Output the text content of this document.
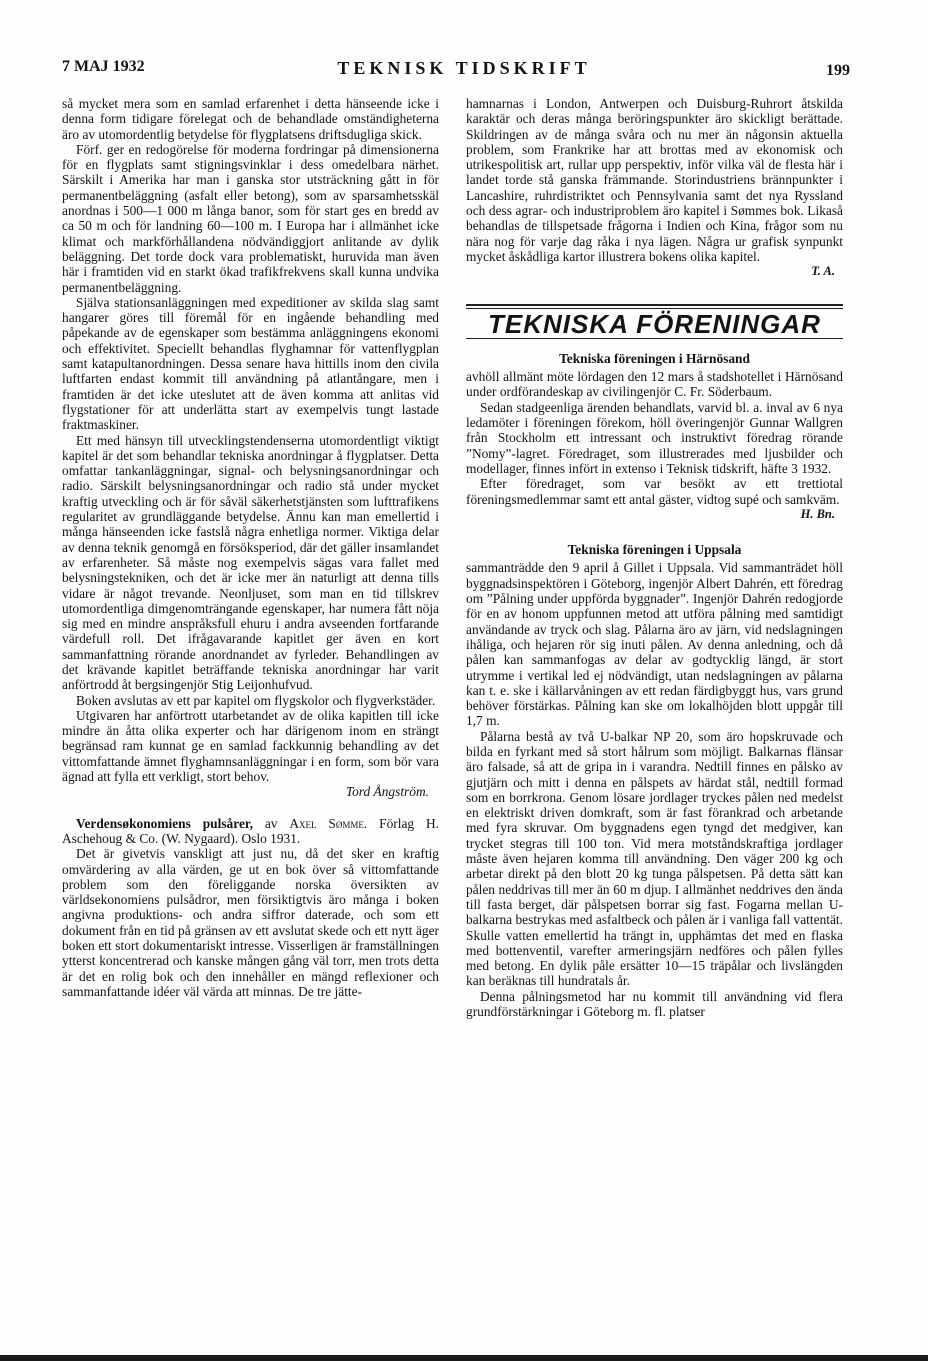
7 MAJ 1932	TEKNISK TIDSKRIFT	199

så mycket mera som en samlad erfarenhet i detta hänseende icke i denna form tidigare förelegat och de behandlade omständigheterna äro av utomordentlig betydelse för flygplatsens driftsdugliga skick.

Förf. ger en redogörelse för moderna fordringar på dimensionerna för en flygplats samt stigningsvinklar i dess omedelbara närhet. Särskilt i Amerika har man i ganska stor utsträckning gått in för permanentbeläggning (asfalt eller betong), som av sparsamhetsskäl anordnas i 500—1 000 m långa banor, som för start ges en bredd av ca 50 m och för landning 60—100 m. I Europa har i allmänhet icke klimat och markförhållandena nödvändiggjort anlitande av dylik beläggning. Det torde dock vara problematiskt, huruvida man även här i framtiden vid en starkt ökad trafikfrekvens skall kunna undvika permanentbeläggning.

Själva stationsanläggningen med expeditioner av skilda slag samt hangarer göres till föremål för en ingående behandling med påpekande av de egenskaper som bestämma anläggningens ekonomi och effektivitet. Speciellt behandlas flyghamnar för vattenflygplan samt katapultanordningen. Dessa senare hava hittills inom den civila luftfarten endast kommit till användning på atlantångare, men i framtiden är det icke uteslutet att de även komma att anlitas vid flygstationer för att underlätta start av exempelvis tungt lastade fraktmaskiner.

Ett med hänsyn till utvecklingstendenserna utomordentligt viktigt kapitel är det som behandlar tekniska anordningar å flygplatser. Detta omfattar tankanläggningar, signal- och belysningsanordningar och radio. Särskilt belysningsanordningar och radio stå under mycket kraftig utveckling och är för såväl säkerhetstjänsten som lufttrafikens regularitet av grundläggande betydelse. Ännu kan man emellertid i många hänseenden icke fastslå några enhetliga normer. Viktiga delar av denna teknik genomgå en försöksperiod, där det gäller insamlandet av erfarenheter. Så måste nog exempelvis sägas vara fallet med belysningstekniken, och det är icke mer än naturligt att denna tills vidare är något trevande. Neonljuset, som man en tid tillskrev utomordentliga dimgenomträngande egenskaper, har numera fått nöja sig med en mindre anspråksfull ehuru i andra avseenden fortfarande värdefull roll. Det ifrågavarande kapitlet ger även en kort sammanfattning rörande anordnandet av fyrleder. Behandlingen av det krävande kapitlet beträffande tekniska anordningar har varit anförtrodd åt bergsingenjör Stig Leijonhufvud.

Boken avslutas av ett par kapitel om flygskolor och flygverkstäder.

Utgivaren har anförtrott utarbetandet av de olika kapitlen till icke mindre än åtta olika experter och har därigenom inom en strängt begränsad ram kunnat ge en samlad fackkunnig behandling av det vittomfattande ämnet flyghamnsanläggningar i en form, som bör vara ägnad att fylla ett verkligt, stort behov.

Tord Ångström.

Verdensøkonomiens pulsårer, av Axel Sømme. Förlag H. Aschehoug & Co. (W. Nygaard). Oslo 1931.

Det är givetvis vanskligt att just nu, då det sker en kraftig omvärdering av alla värden, ge ut en bok över så vittomfattande problem som den föreliggande norska översikten av världsekonomiens pulsådror, men försiktigtvis äro många i boken angivna produktions- och andra siffror daterade, och som ett dokument från en tid på gränsen av ett avslutat skede och ett nytt äger boken ett stort dokumentariskt intresse. Visserligen är framställningen ytterst koncentrerad och kanske mången gång väl torr, men trots detta är det en rolig bok och den innehåller en mängd reflexioner och sammanfattande idéer väl värda att minnas. De tre jätte-

hamnarnas i London, Antwerpen och Duisburg-Ruhrort åtskilda karaktär och deras många beröringspunkter äro skickligt berättade. Skildringen av de många svåra och nu mer än någonsin aktuella problem, som Frankrike har att brottas med av ekonomisk och utrikespolitisk art, rullar upp perspektiv, inför vilka väl de flesta här i landet torde stå ganska främmande. Storindustriens brännpunkter i Lancashire, ruhrdistriktet och Pennsylvania samt det nya Ryssland och dess agrar- och industriproblem äro kapitel i Sømmes bok. Likaså behandlas de tillspetsade frågorna i Indien och Kina, frågor som nu nära nog för varje dag råka i nya lägen. Några ur grafisk synpunkt mycket åskådliga kartor illustrera bokens olika kapitel.

T. A.
TEKNISKA FÖRENINGAR
Tekniska föreningen i Härnösand

avhöll allmänt möte lördagen den 12 mars å stadshotellet i Härnösand under ordförandeskap av civilingenjör C. Fr. Söderbaum.

Sedan stadgeenliga ärenden behandlats, varvid bl. a. inval av 6 nya ledamöter i föreningen förekom, höll överingenjör Gunnar Wallgren från Stockholm ett intressant och instruktivt föredrag rörande ”Nomy”-lagret. Föredraget, som illustrerades med ljusbilder och modellager, finnes infört in extenso i Teknisk tidskrift, häfte 3 1932.

Efter föredraget, som var besökt av ett trettiotal föreningsmedlemmar samt ett antal gäster, vidtog supé och samkväm.

H. Bn.
Tekniska föreningen i Uppsala

sammanträdde den 9 april å Gillet i Uppsala. Vid sammanträdet höll byggnadsinspektören i Göteborg, ingenjör Albert Dahrén, ett föredrag om ”Pålning under uppförda byggnader”. Ingenjör Dahrén redogjorde för en av honom uppfunnen metod att utföra pålning med samtidigt användande av tryck och slag. Pålarna äro av järn, vid nedslagningen ihåliga, och hejaren rör sig inuti pålen. Av denna anledning, och då pålen kan sammanfogas av delar av godtycklig längd, är stort utrymme i vertikal led ej nödvändigt, utan nedslagningen av pålarna kan t. e. ske i källarvåningen av ett redan färdigbyggt hus, vars grund behöver förstärkas. Pålning kan ske om lokalhöjden blott uppgår till 1,7 m.

Pålarna bestå av två U-balkar NP 20, som äro hopskruvade och bilda en fyrkant med så stort hålrum som möjligt. Balkarnas flänsar äro falsade, så att de gripa in i varandra. Nedtill finnes en pålsko av gjutjärn och mitt i denna en pålspets av härdat stål, nedtill formad som en borrkrona. Genom lösare jordlager tryckes pålen ned medelst en elektriskt driven domkraft, som är fast förankrad och arbetande med fyra skruvar. Om byggnadens egen tyngd det medgiver, kan trycket stegras till 100 ton. Vid mera motståndskraftiga jordlager måste även hejaren komma till användning. Den väger 200 kg och arbetar direkt på den blott 20 kg tunga pålspetsen. På detta sätt kan pålen neddrivas till mer än 60 m djup. I allmänhet neddrives den ända till fasta berget, där pålspetsen borrar sig fast. Fogarna mellan U-balkarna bestrykas med asfaltbeck och pålen är i vanliga fall vattentät. Skulle vatten emellertid ha trängt in, upphämtas det med en flaska med bottenventil, varefter armeringsjärn nedföres och pålen fylles med betong. En dylik påle ersätter 10—15 träpålar och livslängden kan beräknas till hundratals år.

Denna pålningsmetod har nu kommit till användning vid flera grundförstärkningar i Göteborg m. fl. platser
